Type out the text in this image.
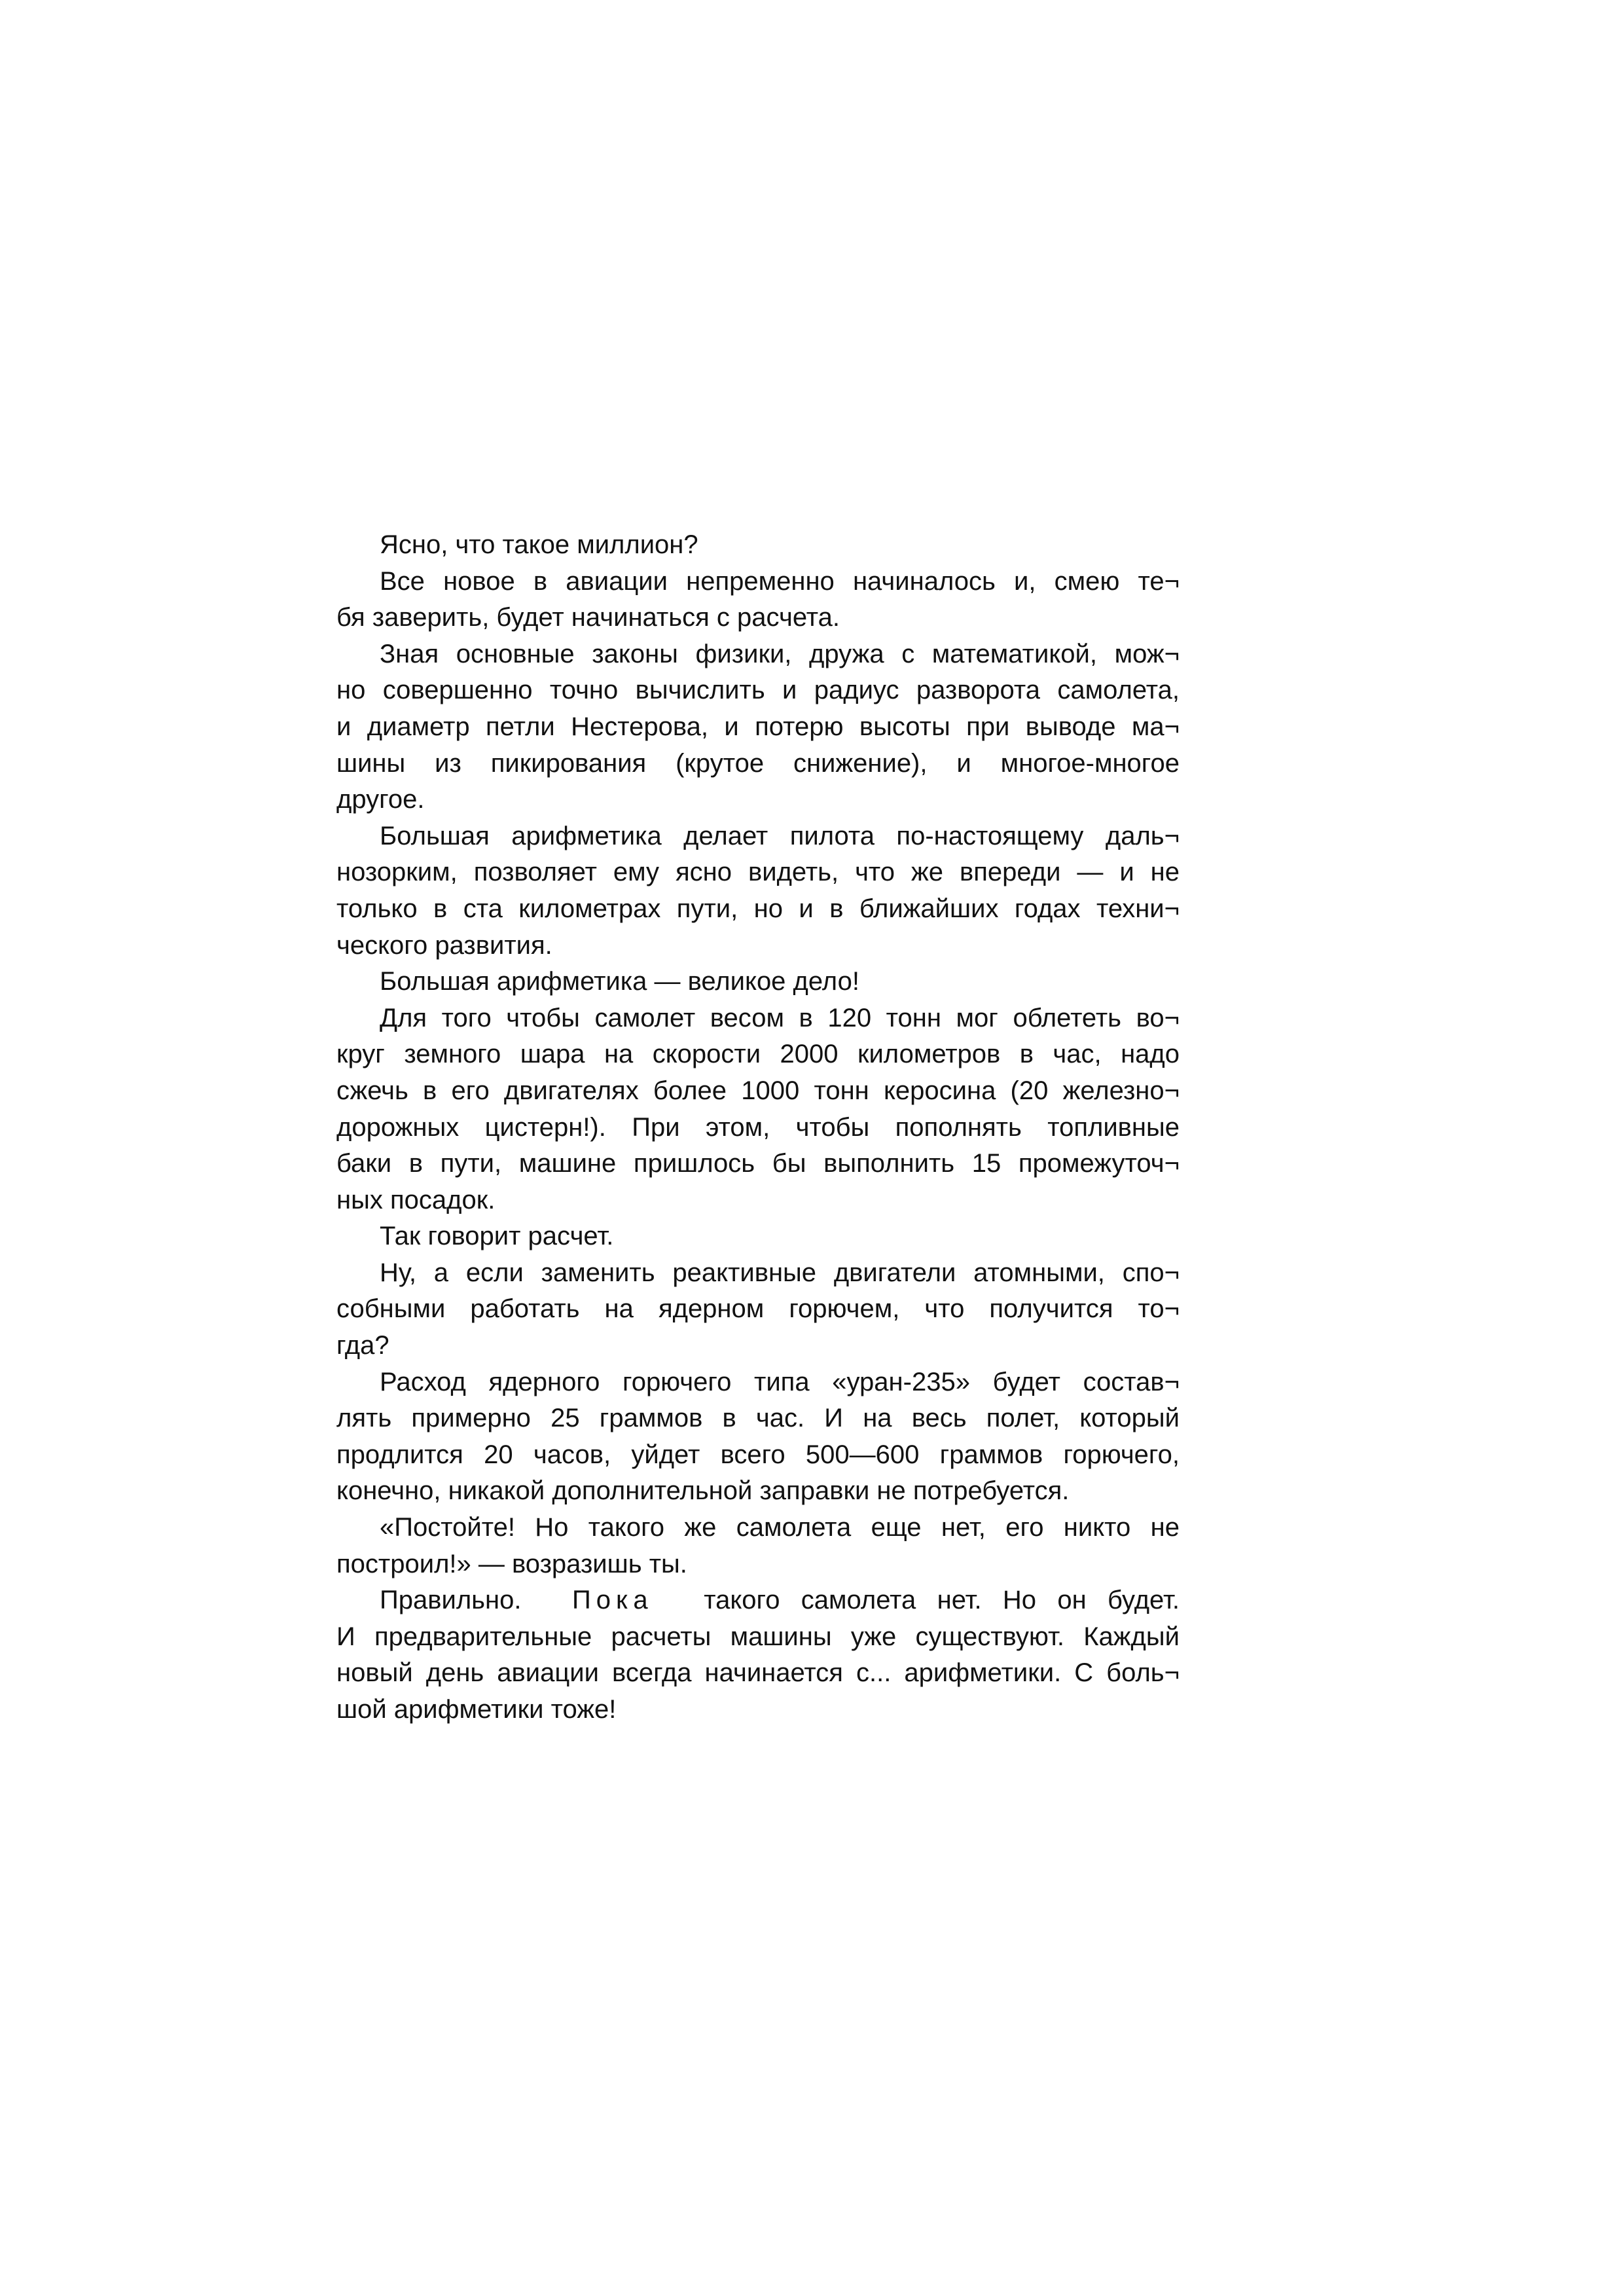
Ясно, что такое миллион?
Все новое в авиации непременно начиналось и, смею те¬
бя заверить, будет начинаться с расчета.
Зная основные законы физики, дружа с математикой, мож¬
но совершенно точно вычислить и радиус разворота самолета,
и диаметр петли Нестерова, и потерю высоты при выводе ма¬
шины из пикирования (крутое снижение), и многое-многое
другое.
Большая арифметика делает пилота по-настоящему даль¬
нозорким, позволяет ему ясно видеть, что же впереди — и не
только в ста километрах пути, но и в ближайших годах техни¬
ческого развития.
Большая арифметика — великое дело!
Для того чтобы самолет весом в 120 тонн мог облететь во¬
круг земного шара на скорости 2000 километров в час, надо
сжечь в его двигателях более 1000 тонн керосина (20 железно¬
дорожных цистерн!). При этом, чтобы пополнять топливные
баки в пути, машине пришлось бы выполнить 15 промежуточ¬
ных посадок.
Так говорит расчет.
Ну, а если заменить реактивные двигатели атомными, спо¬
собными работать на ядерном горючем, что получится то¬
гда?
Расход ядерного горючего типа «уран-235» будет состав¬
лять примерно 25 граммов в час. И на весь полет, который
продлится 20 часов, уйдет всего 500—600 граммов горючего,
конечно, никакой дополнительной заправки не потребуется.
«Постойте! Но такого же самолета еще нет, его никто не
построил!» — возразишь ты.
Правильно. Пока такого самолета нет. Но он будет.
И предварительные расчеты машины уже существуют. Каждый
новый день авиации всегда начинается с... арифметики. С боль¬
шой арифметики тоже!
